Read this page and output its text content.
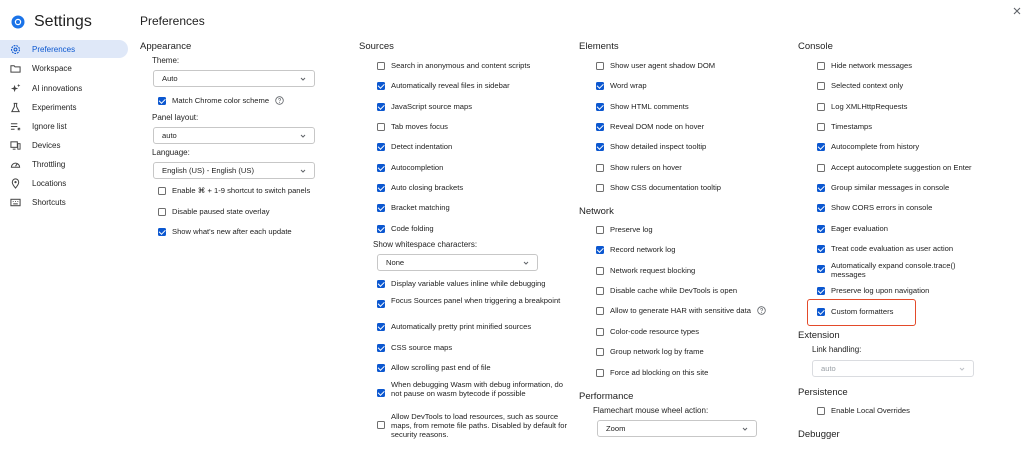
Settings
Preferences
Workspace
AI innovations
Experiments
Ignore list
Devices
Throttling
Locations
Shortcuts
Preferences
Appearance
Theme:
Auto
Match Chrome color scheme
Panel layout:
auto
Language:
English (US) - English (US)
Enable ⌘ + 1-9 shortcut to switch panels
Disable paused state overlay
Show what's new after each update
Sources
Search in anonymous and content scripts
Automatically reveal files in sidebar
JavaScript source maps
Tab moves focus
Detect indentation
Autocompletion
Auto closing brackets
Bracket matching
Code folding
Show whitespace characters:
None
Display variable values inline while debugging
Focus Sources panel when triggering a breakpoint
Automatically pretty print minified sources
CSS source maps
Allow scrolling past end of file
When debugging Wasm with debug information, do not pause on wasm bytecode if possible
Allow DevTools to load resources, such as source maps, from remote file paths. Disabled by default for security reasons.
Elements
Show user agent shadow DOM
Word wrap
Show HTML comments
Reveal DOM node on hover
Show detailed inspect tooltip
Show rulers on hover
Show CSS documentation tooltip
Network
Preserve log
Record network log
Network request blocking
Disable cache while DevTools is open
Allow to generate HAR with sensitive data
Color-code resource types
Group network log by frame
Force ad blocking on this site
Performance
Flamechart mouse wheel action:
Zoom
Console
Hide network messages
Selected context only
Log XMLHttpRequests
Timestamps
Autocomplete from history
Accept autocomplete suggestion on Enter
Group similar messages in console
Show CORS errors in console
Eager evaluation
Treat code evaluation as user action
Automatically expand console.trace() messages
Preserve log upon navigation
Custom formatters
Extension
Link handling:
auto
Persistence
Enable Local Overrides
Debugger
